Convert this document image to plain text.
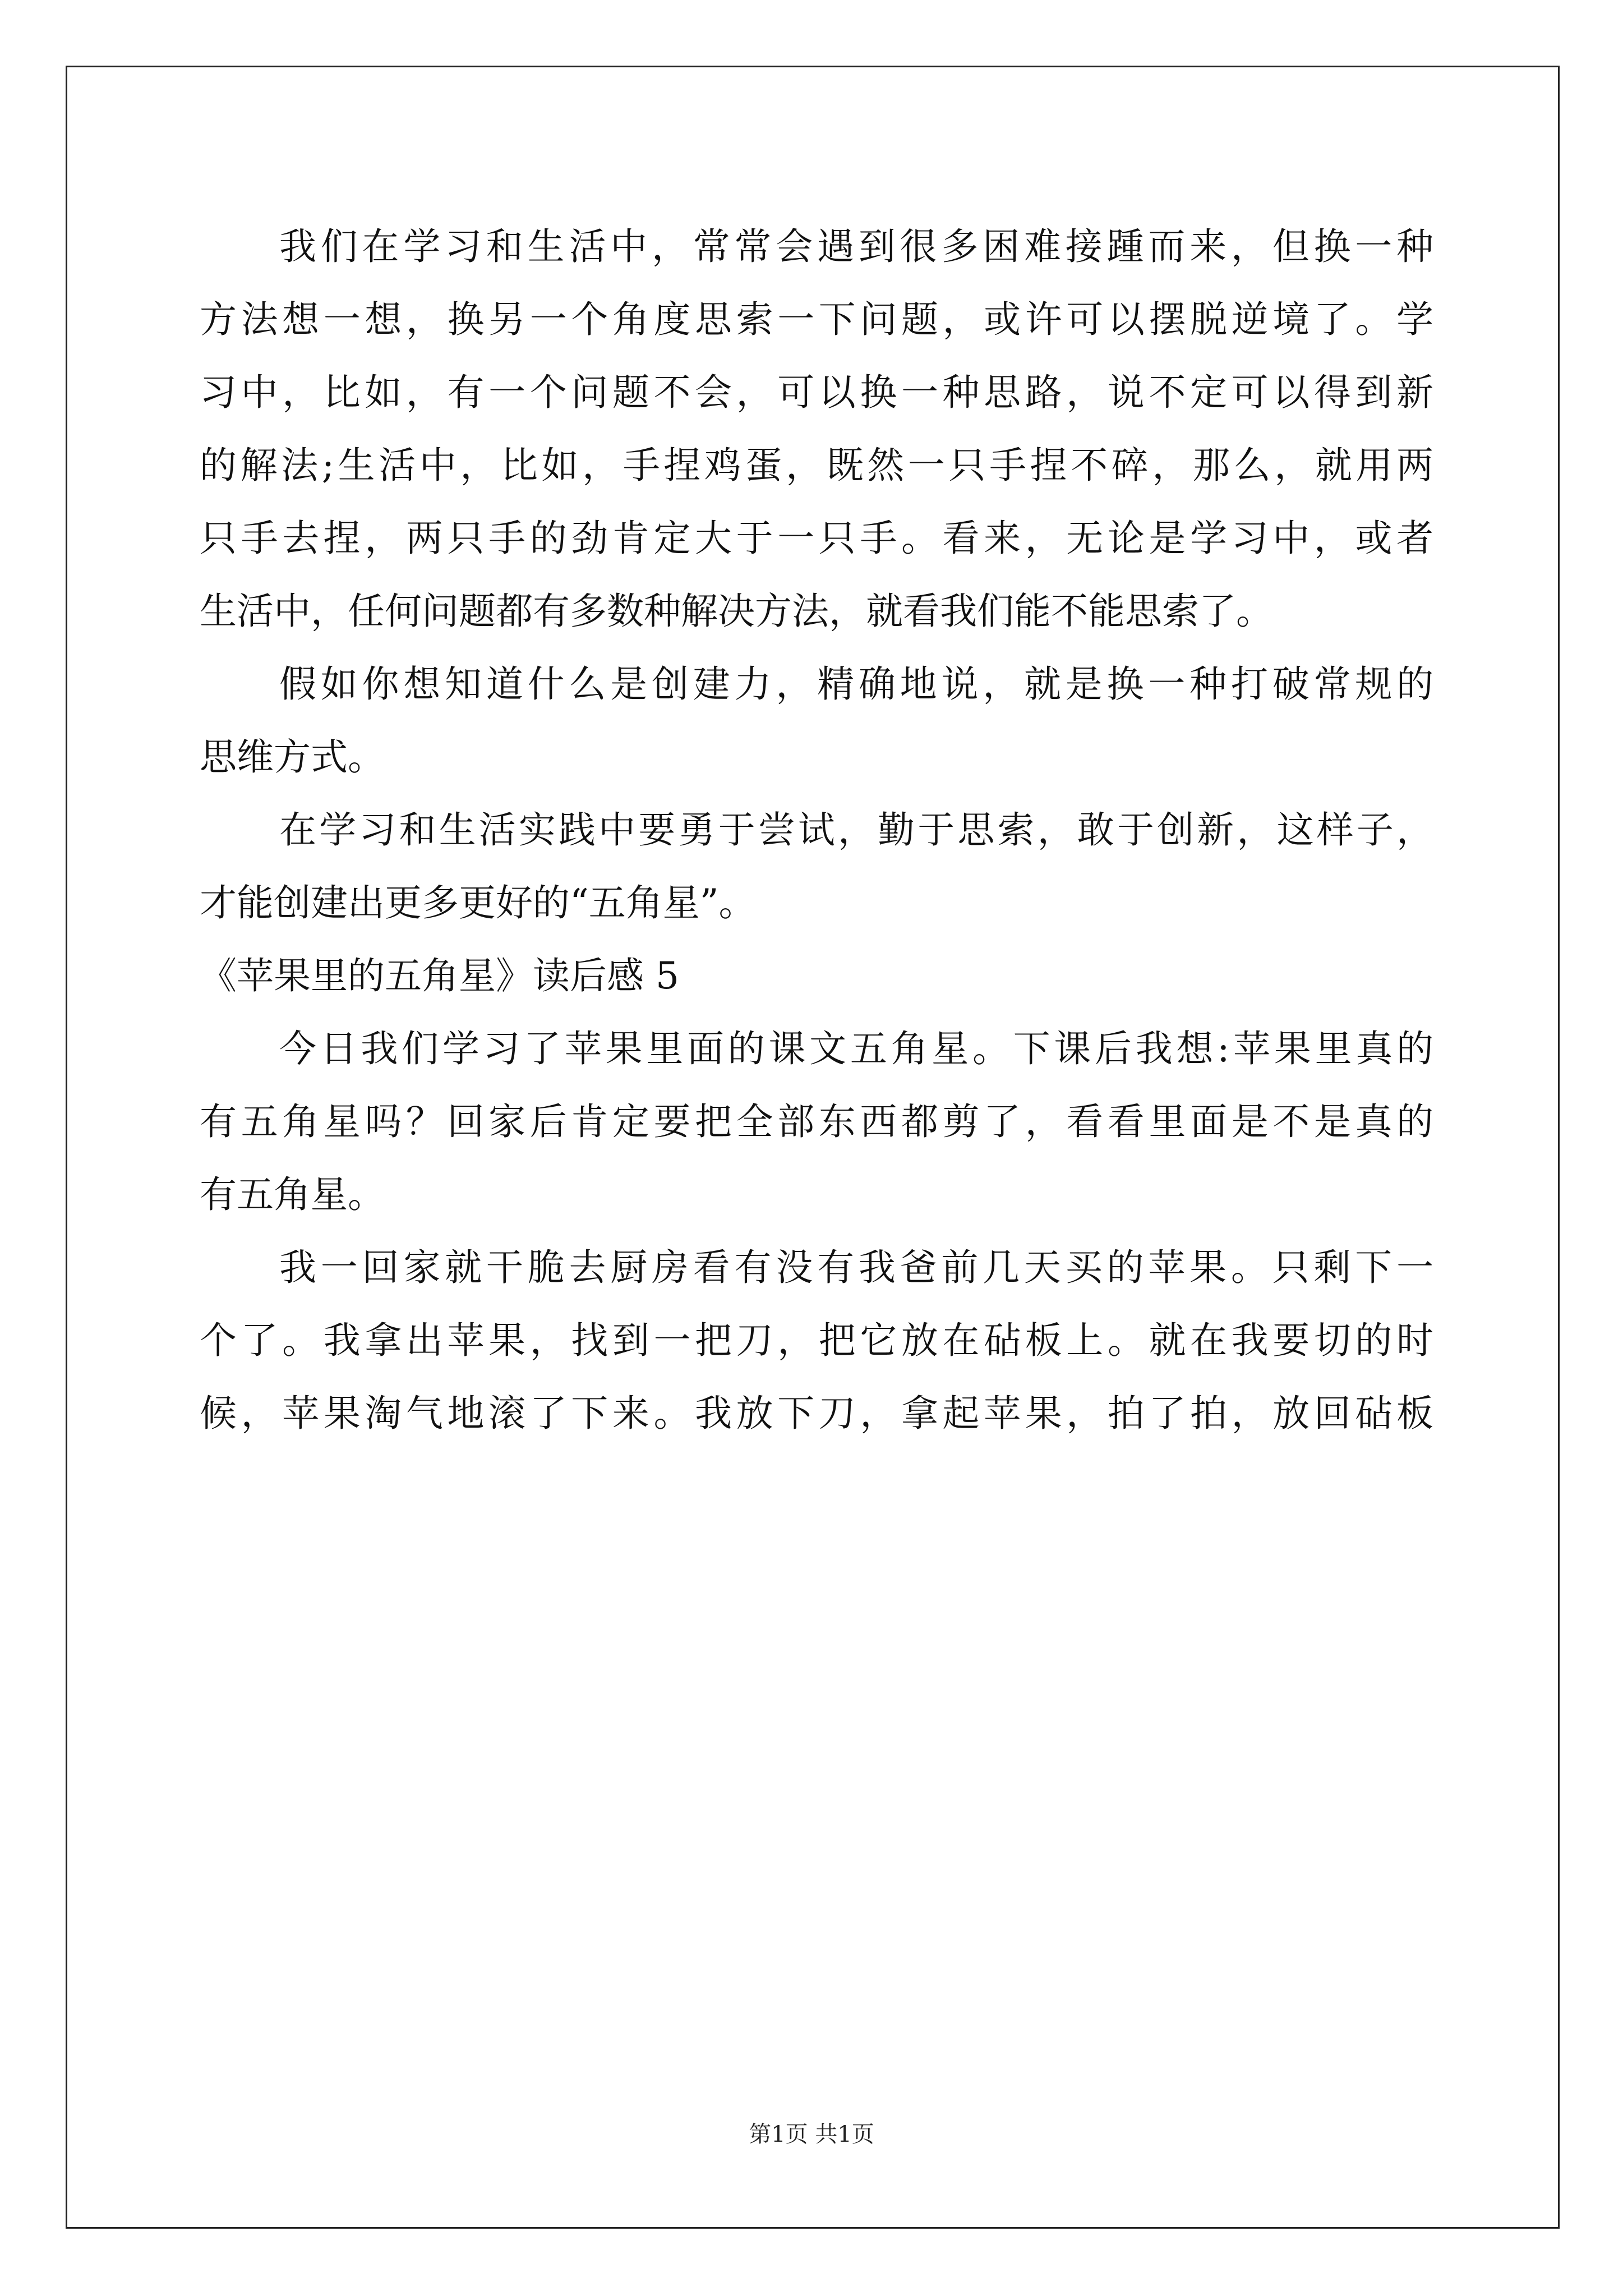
我们在学习和生活中，常常会遇到很多困难接踵而来，但换一种
方法想一想，换另一个角度思索一下问题，或许可以摆脱逆境了。学
习中，比如，有一个问题不会，可以换一种思路，说不定可以得到新
的解法;生活中，比如，手捏鸡蛋，既然一只手捏不碎，那么，就用两
只手去捏，两只手的劲肯定大于一只手。看来，无论是学习中，或者
生活中，任何问题都有多数种解决方法，就看我们能不能思索了。
假如你想知道什么是创建力，精确地说，就是换一种打破常规的
思维方式。
在学习和生活实践中要勇于尝试，勤于思索，敢于创新，这样子，
才能创建出更多更好的“五角星”。
《苹果里的五角星》读后感 5
今日我们学习了苹果里面的课文五角星。下课后我想:苹果里真的
有五角星吗？回家后肯定要把全部东西都剪了，看看里面是不是真的
有五角星。
我一回家就干脆去厨房看有没有我爸前几天买的苹果。只剩下一
个了。我拿出苹果，找到一把刀，把它放在砧板上。就在我要切的时
候，苹果淘气地滚了下来。我放下刀，拿起苹果，拍了拍，放回砧板
第1页 共1页
